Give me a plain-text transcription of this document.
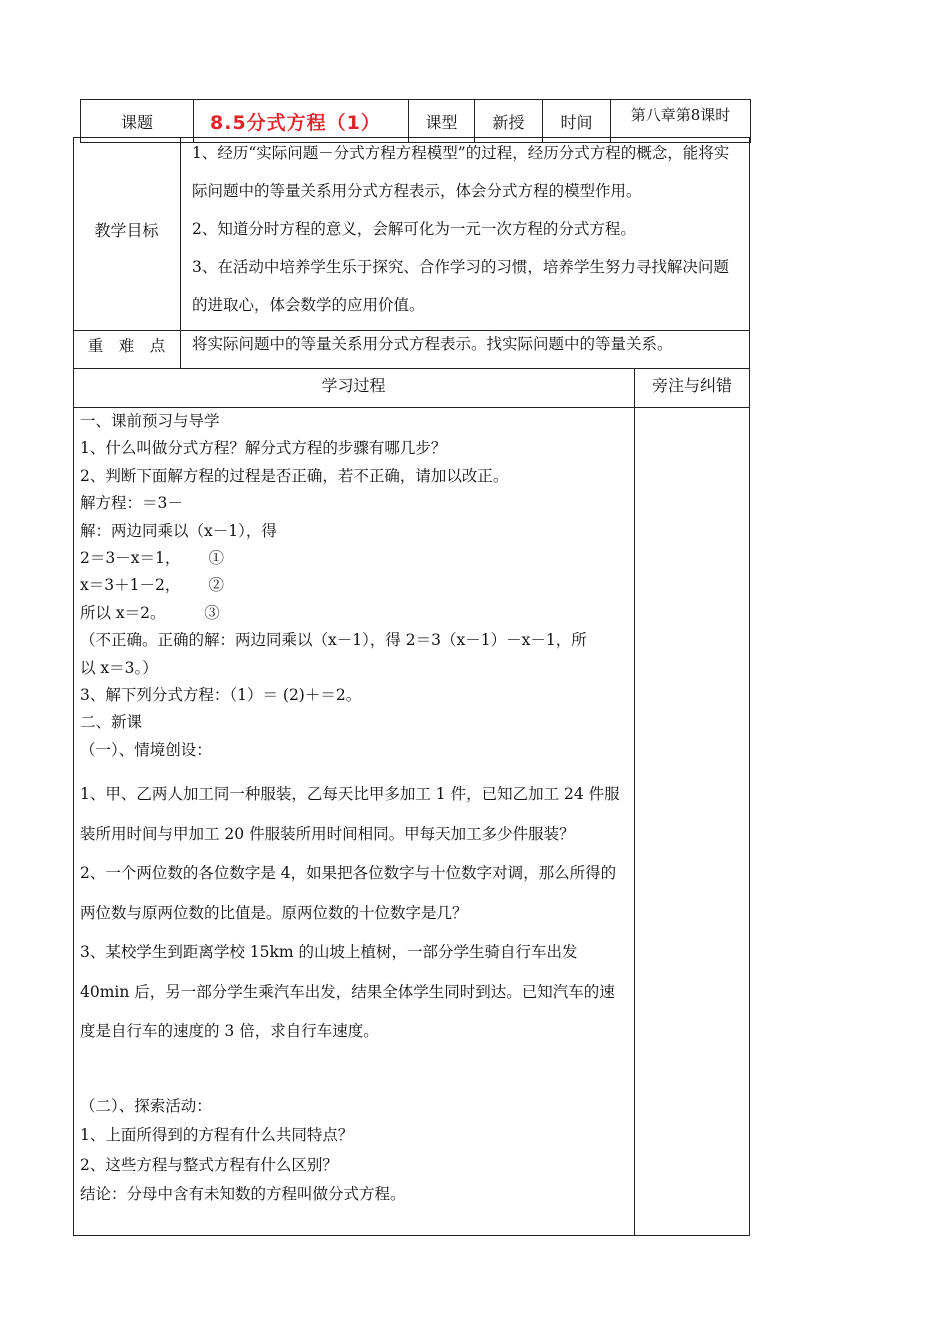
课题	8.5分式方程（1）	课型	新授	时间	第八章第8课时
教学目标

1、经历“实际问题－分式方程方程模型”的过程，经历分式方程的概念，能将实际问题中的等量关系用分式方程表示，体会分式方程的模型作用。

2、知道分时方程的意义，会解可化为一元一次方程的分式方程。

3、在活动中培养学生乐于探究、合作学习的习惯，培养学生努力寻找解决问题的进取心，体会数学的应用价值。

重　难　点	将实际问题中的等量关系用分式方程表示。找实际问题中的等量关系。
学习过程	旁注与纠错
一、课前预习与导学
1、什么叫做分式方程？解分式方程的步骤有哪几步？
2、判断下面解方程的过程是否正确，若不正确，请加以改正。
解方程：＝3－
解：两边同乘以（x－1），得
2＝3－x＝1，　　 ①
x＝3＋1－2，　　 ②
所以 x＝2。　　　③
（不正确。正确的解：两边同乘以（x－1），得 2＝3（x－1）－x－1，所
以 x＝3。）
3、解下列分式方程：（1）＝ (2)＋＝2。
二、新课
（一）、情境创设：

1、甲、乙两人加工同一种服装，乙每天比甲多加工 1 件，已知乙加工 24 件服装所用时间与甲加工 20 件服装所用时间相同。甲每天加工多少件服装？

2、一个两位数的各位数字是 4，如果把各位数字与十位数字对调，那么所得的两位数与原两位数的比值是。原两位数的十位数字是几？

3、某校学生到距离学校 15km 的山坡上植树，一部分学生骑自行车出发 40min 后，另一部分学生乘汽车出发，结果全体学生同时到达。已知汽车的速度是自行车的速度的 3 倍，求自行车速度。

（二）、探索活动：
1、上面所得到的方程有什么共同特点？
2、这些方程与整式方程有什么区别？
结论：分母中含有未知数的方程叫做分式方程。
